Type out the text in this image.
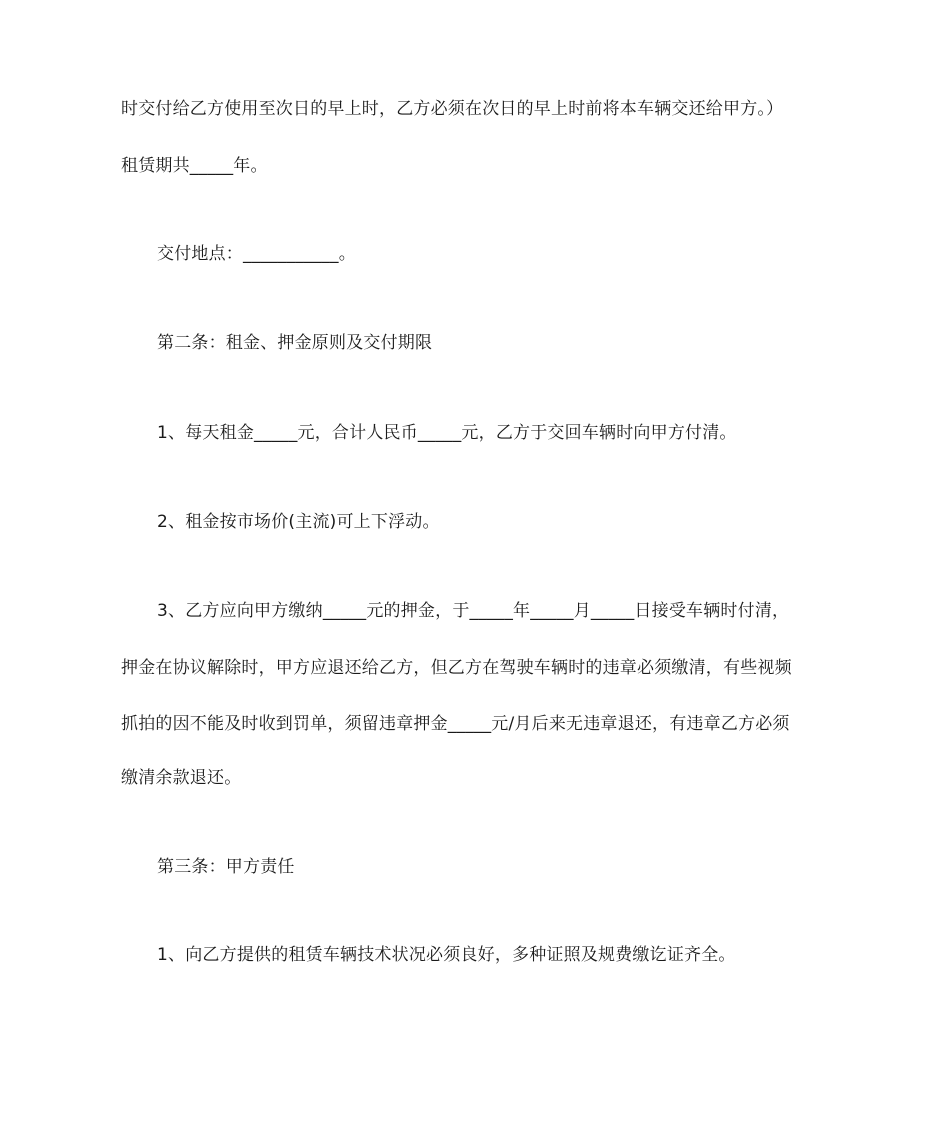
时交付给乙方使用至次日的早上时，乙方必须在次日的早上时前将本车辆交还给甲方。）
租赁期共_____年。
交付地点：___________。
第二条：租金、押金原则及交付期限
1、每天租金_____元，合计人民币_____元，乙方于交回车辆时向甲方付清。
2、租金按市场价(主流)可上下浮动。
3、乙方应向甲方缴纳_____元的押金，于_____年_____月_____日接受车辆时付清，
押金在协议解除时，甲方应退还给乙方，但乙方在驾驶车辆时的违章必须缴清，有些视频
抓拍的因不能及时收到罚单，须留违章押金_____元/月后来无违章退还，有违章乙方必须
缴清余款退还。
第三条：甲方责任
1、向乙方提供的租赁车辆技术状况必须良好，多种证照及规费缴讫证齐全。
